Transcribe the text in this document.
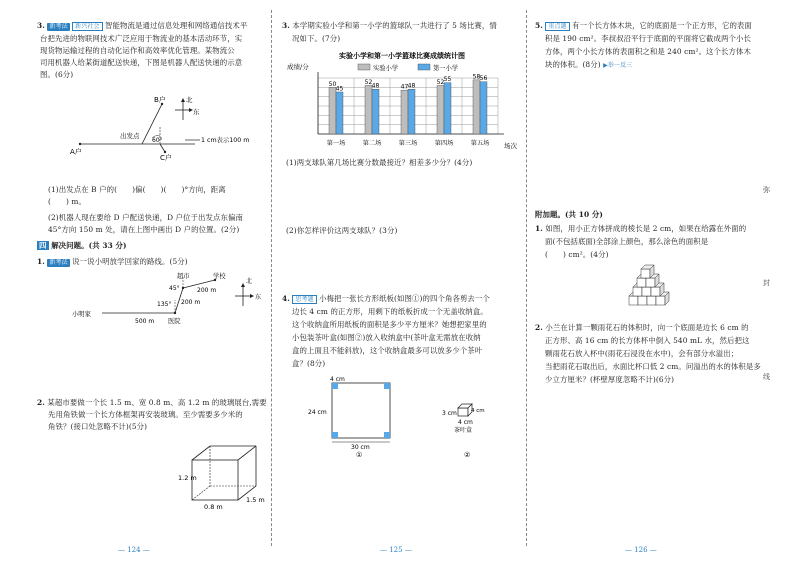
3. 新考法 新兴社会 智能物流是通过信息处理和网络通信技术平
台把先进的物联网技术广泛应用于物流业的基本活动环节，实
现货物运输过程的自动化运作和高效率优化管理。某物流公
司用机器人给某街道配送快递，下图是机器人配送快递的示意
图。(6分)
B户	北
东
出发点
60°
A户
C户
1 cm表示100 m
(1)出发点在 B 户的(　　)偏(　　)(　　)°方向，距离
(　　) m。
(2)机器人现在要给 D 户配送快递，D 户位于出发点东偏南
45°方向 150 m 处，请在上图中画出 D 户的位置。(2分)
四 解决问题。(共 33 分)
1. 新考法 说一说小明放学回家的路线。(5分)
超市	学校
45°	200 m
135° 200 m
小明家
500 m 医院
北
东
2. 某超市要做一个长 1.5 m、宽 0.8 m、高 1.2 m 的玻璃展台,需要
先用角铁做一个长方体框架再安装玻璃。至少需要多少米的
角铁？(接口处忽略不计)(5分)
1.2 m
0.8 m
1.5 m
— 124 —
3. 本学期实验小学和第一小学的篮球队一共进行了 5 场比赛，情
况如下。(7分)
实验小学和第一小学篮球比赛成绩统计图
成绩/分
场次
实验小学	第一小学
50
45
52
48	47 48
52 55	58 56
第一场	第二场	第三场	第四场	第五场
(1)两支球队第几场比赛分数最接近？相差多少分？(4分)
(2)你怎样评价这两支球队？(3分)
4. 思考题 小梅把一张长方形纸板(如图①)的四个角各剪去一个
边长 4 cm 的正方形，用剩下的纸板折成一个无盖收纳盒。
这个收纳盒所用纸板的面积是多少平方厘米？她想把家里的
小包装茶叶盒(如图②)放入收纳盒中(茶叶盒无需放在收纳
盒的上面且不能斜放)，这个收纳盒最多可以放多少个茶叶
盒？(8分)
4 cm
24 cm
30 cm
①
3 cm
4 cm
4 cm
茶叶盒
②
— 125 —
5. 重点题 有一个长方体木块，它的底面是一个正方形，它的表面
积是 190 cm²。李叔叔沿平行于底面的平面将它截成两个小长
方体，两个小长方体的表面积之和是 240 cm²。这个长方体木
块的体积。(8分) ▶举一反三
附加题。(共 10 分)
1. 如图，用小正方体拼成的棱长是 2 cm，如果在给露在外面的
面(不包括底面)全部涂上颜色，那么涂色的面积是
(　　) cm²。(4分)
2. 小兰在计算一颗雨花石的体积时，向一个底面是边长 6 cm 的
正方形、高 16 cm 的长方体杯中倒入 540 mL 水，然后把这
颗雨花石放入杯中(雨花石浸没在水中)，会有部分水溢出；
当把雨花石取出后，水面比杯口低 2 cm。问溢出的水的体积是多
少立方厘米？(杯壁厚度忽略不计)(6分)
弥
封
线
— 126 —
